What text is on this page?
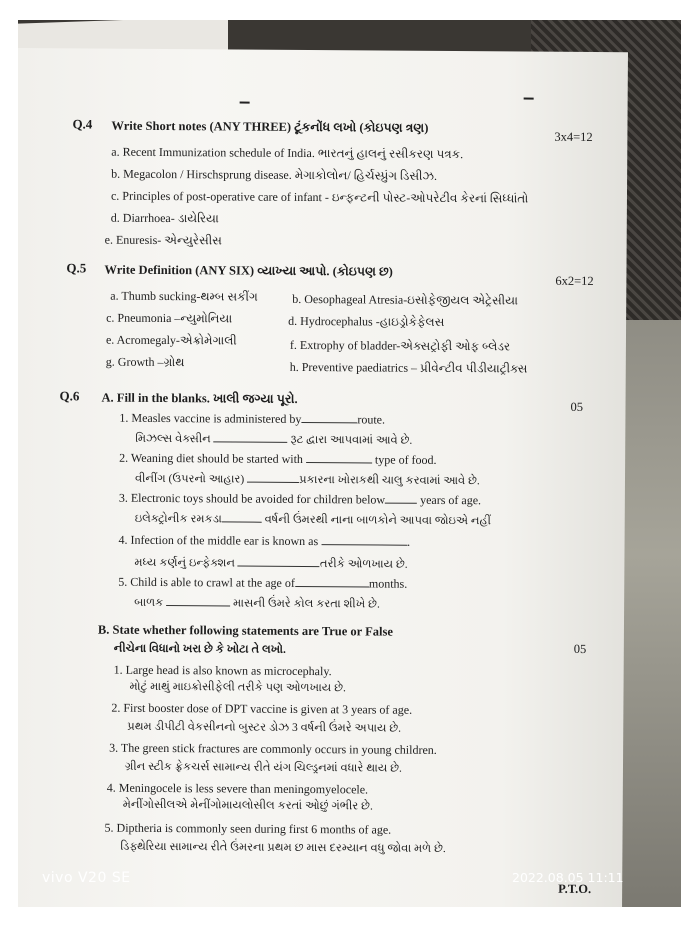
Q.4 Write Short notes (ANY THREE) ટૂંકનોંધ લખો (કોઇપણ ત્રણ)
3x4=12
a. Recent Immunization schedule of India. ભારતનું હાલનું રસીકરણ પત્રક.
b. Megacolon / Hirschsprung disease. મેગાકોલોન/ હિર્ચસ્પ્રુંગ ડિસીઝ.
c. Principles of post-operative care of infant - ઇન્ફન્ટની પોસ્ટ-ઓપરેટીવ કેરનાં સિધ્ધાંતો
d. Diarrhoea- ડાયેરિયા
e. Enuresis- એન્યુરેસીસ
Q.5 Write Definition (ANY SIX) વ્યાખ્યા આપો. (કોઇપણ છ)
6x2=12
a. Thumb sucking-થમ્બ સકીંગ	b. Oesophageal Atresia-ઇસોફેજીયલ એટ્રેસીયા
c. Pneumonia –ન્યુમોનિયા	d. Hydrocephalus -હાઇડ્રોકેફેલસ
e. Acromegaly-એક્રોમેગાલી	f. Extrophy of bladder-એક્સટ્રોફી ઓફ બ્લેડર
g. Growth –ગ્રોથ	h. Preventive paediatrics – પ્રીવેન્ટીવ પીડીયાટ્રીક્સ
Q.6 A. Fill in the blanks. ખાલી જગ્યા પૂરો.
05
1. Measles vaccine is administered by	route.
મિઝલ્સ વેક્સીન	રૂટ દ્વારા આપવામાં આવે છે.
2. Weaning diet should be started with	type of food.
વીનીંગ (ઉપરનો આહાર)	પ્રકારના ખોરાકથી ચાલુ કરવામાં આવે છે.
3. Electronic toys should be avoided for children below	years of age.
ઇલેક્ટ્રોનીક રમકડા	વર્ષની ઉંમરથી નાના બાળકોને આપવા જોઇએ નહીં
4. Infection of the middle ear is known as	.
મધ્ય કર્ણનું ઇન્ફેક્શન	તરીકે ઓળખાય છે.
5. Child is able to crawl at the age of	months.
બાળક	માસની ઉંમરે કોલ કરતા શીખે છે.
B. State whether following statements are True or False
નીચેના વિધાનો ખરા છે કે ખોટા તે લખો.	05
1. Large head is also known as microcephaly.
મોટું માથું માઇક્રોસીફેલી તરીકે પણ ઓળખાય છે.
2. First booster dose of DPT vaccine is given at 3 years of age.
પ્રથમ ડીપીટી વેકસીનનો બુસ્ટર ડોઝ 3 વર્ષની ઉંમરે અપાય છે.
3. The green stick fractures are commonly occurs in young children.
ગ્રીન સ્ટીક ફ્રેકચર્સ સામાન્ય રીતે યંગ ચિલ્ડ્રનમાં વધારે થાય છે.
4. Meningocele is less severe than meningomyelocele.
મેનીંગોસીલએ મેનીંગોમાયલોસીલ કરતાં ઓછું ગંભીર છે.
5. Diptheria is commonly seen during first 6 months of age.
ડિફ્થેરિયા સામાન્ય રીતે ઉંમરના પ્રથમ છ માસ દરમ્યાન વધુ જોવા મળે છે.
P.T.O.
vivo V20 SE	2022.08.05 11:11
